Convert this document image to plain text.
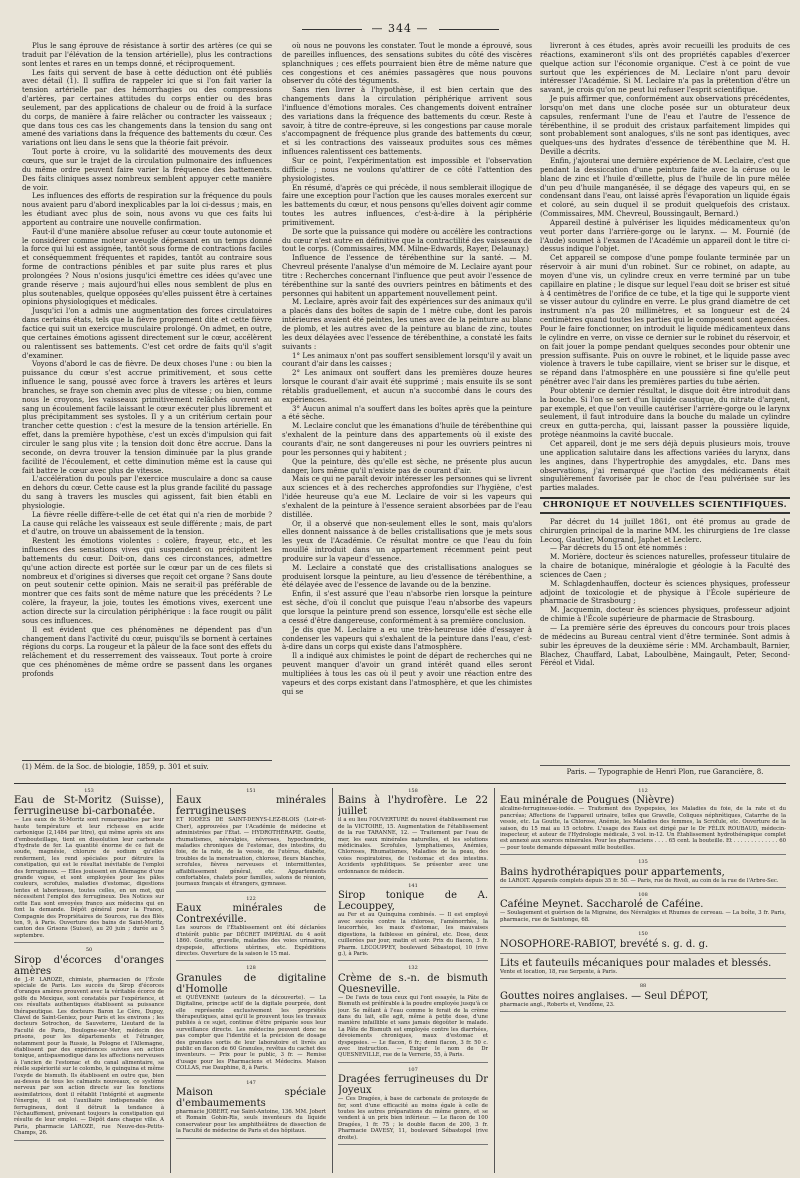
— 344 —

Plus le sang éprouve de résistance à sortir des artères (ce qui se traduit par l'élévation de la tension artérielle), plus les contractions sont lentes et rares en un temps donné, et réciproquement.

Les faits qui servent de base à cette déduction ont été publiés avec détail (1). Il suffira de rappeler ici que si l'on fait varier la tension artérielle par des hémorrhagies ou des compressions d'artères, par certaines attitudes du corps entier ou des bras seulement, par des applications de chaleur ou de froid à la surface du corps, de manière à faire relâcher ou contracter les vaisseaux ; que dans tous ces cas les changements dans la tension du sang ont amené des variations dans la fréquence des battements du cœur. Ces variations ont lieu dans le sens que la théorie fait prévoir.

Tout porte à croire, vu la solidarité des mouvements des deux cœurs, que sur le trajet de la circulation pulmonaire des influences du même ordre peuvent faire varier la fréquence des battements. Des faits cliniques assez nombreux semblent appuyer cette manière de voir.

Les influences des efforts de respiration sur la fréquence du pouls nous avaient paru d'abord inexplicables par la loi ci-dessus ; mais, en les étudiant avec plus de soin, nous avons vu que ces faits lui apportent au contraire une nouvelle confirmation.

Faut-il d'une manière absolue refuser au cœur toute autonomie et le considérer comme moteur aveugle dépensant en un temps donné la force qui lui est assignée, tantôt sous forme de contractions faciles et conséquemment fréquentes et rapides, tantôt au contraire sous forme de contractions pénibles et par suite plus rares et plus prolongées ? Nous n'osions jusqu'ici émettre ces idées qu'avec une grande réserve ; mais aujourd'hui elles nous semblent de plus en plus soutenables, quelque opposées qu'elles puissent être à certaines opinions physiologiques et médicales.

Jusqu'ici l'on a admis une augmentation des forces circulatoires dans certains états, tels que la fièvre proprement dite et cette fièvre factice qui suit un exercice musculaire prolongé. On admet, en outre, que certaines émotions agissent directement sur le cœur, accélèrent ou ralentissent ses battements. C'est cet ordre de faits qu'il s'agit d'examiner.

Voyons d'abord le cas de fièvre. De deux choses l'une : ou bien la puissance du cœur s'est accrue primitivement, et sous cette influence le sang, poussé avec force à travers les artères et leurs branches, se fraye son chemin avec plus de vitesse ; ou bien, comme nous le croyons, les vaisseaux primitivement relâchés ouvrent au sang un écoulement facile laissant le cœur exécuter plus librement et plus précipitamment ses systoles. Il y a un critérium certain pour trancher cette question : c'est la mesure de la tension artérielle. En effet, dans la première hypothèse, c'est un excès d'impulsion qui fait circuler le sang plus vite ; la tension doit donc être accrue. Dans la seconde, on devra trouver la tension diminuée par la plus grande facilité de l'écoulement, et cette diminution même est la cause qui fait battre le cœur avec plus de vitesse.

L'accélération du pouls par l'exercice musculaire a donc sa cause en dehors du cœur. Cette cause est la plus grande facilité du passage du sang à travers les muscles qui agissent, fait bien établi en physiologie.

La fièvre réelle diffère-t-elle de cet état qui n'a rien de morbide ? La cause qui relâche les vaisseaux est seule différente ; mais, de part et d'autre, on trouve un abaissement de la tension.

Restent les émotions violentes : colère, frayeur, etc., et les influences des sensations vives qui suspendent ou précipitent les battements du cœur. Doit-on, dans ces circonstances, admettre qu'une action directe est portée sur le cœur par un de ces filets si nombreux et d'origines si diverses que reçoit cet organe ? Sans doute on peut soutenir cette opinion. Mais ne serait-il pas préférable de montrer que ces faits sont de même nature que les précédents ? Le colère, la frayeur, la joie, toutes les émotions vives, exercent une action directe sur la circulation périphérique : la face rougit ou pâlit sous ces influences.

Il est évident que ces phénomènes ne dépendent pas d'un changement dans l'activité du cœur, puisqu'ils se bornent à certaines régions du corps. La rougeur et la pâleur de la face sont des effets du relâchement et du resserrement des vaisseaux. Tout porte à croire que ces phénomènes de même ordre se passent dans les organes profonds

(1) Mém. de la Soc. de biologie, 1859, p. 301 et suiv.

où nous ne pouvons les constater. Tout le monde a éprouvé, sous de pareilles influences, des sensations subites du côté des viscères splanchniques ; ces effets pourraient bien être de même nature que ces congestions et ces anémies passagères que nous pouvons observer du côté des téguments.

Sans rien livrer à l'hypothèse, il est bien certain que des changements dans la circulation périphérique arrivent sous l'influence d'émotions morales. Ces changements doivent entraîner des variations dans la fréquence des battements du cœur. Reste à savoir, à titre de contre-épreuve, si les congestions par cause morale s'accompagnent de fréquence plus grande des battements du cœur, et si les contractions des vaisseaux produites sous ces mêmes influences ralentissent ces battements.

Sur ce point, l'expérimentation est impossible et l'observation difficile ; nous ne voulons qu'attirer de ce côté l'attention des physiologistes.

En résumé, d'après ce qui précède, il nous semblerait illogique de faire une exception pour l'action que les causes morales exercent sur les battements du cœur, et nous pensons qu'elles doivent agir comme toutes les autres influences, c'est-à-dire à la périphérie primitivement.

De sorte que la puissance qui modère ou accélère les contractions du cœur n'est autre en définitive que la contractilité des vaisseaux de tout le corps. (Commissaires, MM. Milne-Edwards, Rayer, Delaunay.)

Influence de l'essence de térébenthine sur la santé. — M. Chevreul présente l'analyse d'un mémoire de M. Leclaire ayant pour titre : Recherches concernant l'influence que peut avoir l'essence de térébenthine sur la santé des ouvriers peintres en bâtiments et des personnes qui habitent un appartement nouvellement peint.

M. Leclaire, après avoir fait des expériences sur des animaux qu'il a placés dans des boîtes de sapin de 1 mètre cube, dont les parois intérieures avaient été peintes, les unes avec de la peinture au blanc de plomb, et les autres avec de la peinture au blanc de zinc, toutes les deux délayées avec l'essence de térébenthine, a constaté les faits suivants :

1° Les animaux n'ont pas souffert sensiblement lorsqu'il y avait un courant d'air dans les caisses ;

2° Les animaux ont souffert dans les premières douze heures lorsque le courant d'air avait été supprimé ; mais ensuite ils se sont rétablis graduellement, et aucun n'a succombé dans le cours des expériences.

3° Aucun animal n'a souffert dans les boîtes après que la peinture a été sèche.

M. Leclaire conclut que les émanations d'huile de térébenthine qui s'exhalent de la peinture dans des appartements où il existe des courants d'air, ne sont dangereuses ni pour les ouvriers peintres ni pour les personnes qui y habitent ;

Que la peinture, dès qu'elle est sèche, ne présente plus aucun danger, lors même qu'il n'existe pas de courant d'air.

Mais ce qui ne paraît devoir intéresser les personnes qui se livrent aux sciences et à des recherches approfondies sur l'hygiène, c'est l'idée heureuse qu'a eue M. Leclaire de voir si les vapeurs qui s'exhalent de la peinture à l'essence seraient absorbées par de l'eau distillée.

Or, il a observé que non-seulement elles le sont, mais qu'alors elles donnent naissance à de belles cristallisations que je mets sous les yeux de l'Académie. Ce résultat montre ce que l'eau du foin mouillé introduit dans un appartement récemment peint peut produire sur la vapeur d'essence.

M. Leclaire a constaté que des cristallisations analogues se produisent lorsque la peinture, au lieu d'essence de térébenthine, a été délayée avec de l'essence de lavande ou de la benzine.

Enfin, il s'est assuré que l'eau n'absorbe rien lorsque la peinture est sèche, d'où il conclut que puisque l'eau n'absorbe des vapeurs que lorsque la peinture prend son essence, lorsqu'elle est sèche elle a cessé d'être dangereuse, conformément à sa première conclusion.

Je dis que M. Leclaire a eu une très-heureuse idée d'essayer à condenser les vapeurs qui s'exhalent de la peinture dans l'eau, c'est-à-dire dans un corps qui existe dans l'atmosphère.

Il a indiqué aux chimistes le point de départ de recherches qui ne peuvent manquer d'avoir un grand intérêt quand elles seront multipliées à tous les cas où il peut y avoir une réaction entre des vapeurs et des corps existant dans l'atmosphère, et que les chimistes qui se

livreront à ces études, après avoir recueilli les produits de ces réactions, examineront s'ils ont des propriétés capables d'exercer quelque action sur l'économie organique. C'est à ce point de vue surtout que les expériences de M. Leclaire n'ont paru devoir intéresser l'Académie. Si M. Leclaire n'a pas la prétention d'être un savant, je crois qu'on ne peut lui refuser l'esprit scientifique.

Je puis affirmer que, conformément aux observations précédentes, lorsqu'on met dans une cloche posée sur un obturateur deux capsules, renfermant l'une de l'eau et l'autre de l'essence de térébenthine, il se produit des cristaux parfaitement limpides qui sont probablement sont analogues, s'ils ne sont pas identiques, avec quelques-uns des hydrates d'essence de térébenthine que M. H. Deville a décrits.

Enfin, j'ajouterai une dernière expérience de M. Leclaire, c'est que pendant la dessiccation d'une peinture faite avec la céruse ou le blanc de zinc et l'huile d'œillette, plus de l'huile de lin pure mêlée d'un peu d'huile manganésée, il se dégage des vapeurs qui, en se condensant dans l'eau, ont laissé après l'évaporation un liquide égais et coloré, au sein duquel il se produit quelquefois des cristaux. (Commissaires, MM. Chevreul, Boussingault, Bernard.)

Appareil destiné à pulvériser les liquides médicamenteux qu'on veut porter dans l'arrière-gorge ou le larynx. — M. Fournié (de l'Aude) soumet à l'examen de l'Académie un appareil dont le titre ci-dessus indique l'objet.

Cet appareil se compose d'une pompe foulante terminée par un réservoir à air muni d'un robinet. Sur ce robinet, on adapte, au moyen d'une vis, un cylindre creux en verre terminé par un tube capillaire en platine ; le disque sur lequel l'eau doit se briser est situé à 4 centimètres de l'orifice de ce tube, et la tige qui le supporte vient se visser autour du cylindre en verre. Le plus grand diamètre de cet instrument n'a pas 20 millimètres, et sa longueur est de 24 centimètres quand toutes les parties qui le composent sont agencées. Pour le faire fonctionner, on introduit le liquide médicamenteux dans le cylindre en verre, on visse ce dernier sur le robinet du réservoir, et on fait jouer la pompe pendant quelques secondes pour obtenir une pression suffisante. Puis on ouvre le robinet, et le liquide passe avec violence à travers le tube capillaire, vient se briser sur le disque, et se répand dans l'atmosphère en une poussière si fine qu'elle peut pénétrer avec l'air dans les premières parties du tube aérien.

Pour obtenir ce dernier résultat, le disque doit être introduit dans la bouche. Si l'on se sert d'un liquide caustique, du nitrate d'argent, par exemple, et que l'on veuille cautériser l'arrière-gorge ou le larynx seulement, il faut introduire dans la bouche du malade un cylindre creux en gutta-percha, qui, laissant passer la poussière liquide, protège néanmoins la cavité buccale.

Cet appareil, dont je me sers déjà depuis plusieurs mois, trouve une application salutaire dans les affections variées du larynx, dans les angines, dans l'hypertrophie des amygdales, etc. Dans mes observations, j'ai remarqué que l'action des médicaments était singulièrement favorisée par le choc de l'eau pulvérisée sur les parties malades.

CHRONIQUE ET NOUVELLES SCIENTIFIQUES.

Par décret du 14 juillet 1861, ont été promus au grade de chirurgien principal de la marine MM. les chirurgiens de 1re classe Lecoq, Gautier, Mongrand, Japhet et Leclerc.

— Par décrets du 15 ont été nommés :

M. Morière, docteur ès sciences naturelles, professeur titulaire de la chaire de botanique, minéralogie et géologie à la Faculté des sciences de Caen ;

M. Schlagdenhauffen, docteur ès sciences physiques, professeur adjoint de toxicologie et de physique à l'École supérieure de pharmacie de Strasbourg ;

M. Jacquemin, docteur ès sciences physiques, professeur adjoint de chimie à l'École supérieure de pharmacie de Strasbourg.

— La première série des épreuves du concours pour trois places de médecins au Bureau central vient d'être terminée. Sont admis à subir les épreuves de la deuxième série : MM. Archambault, Barnier, Blachez, Chauffard, Labat, Laboulbène, Maingault, Peter, Second-Féréol et Vidal.

Paris. — Typographie de Henri Plon, rue Garancière, 8.
153
Eau de St-Moritz (Suisse), ferrugineuse bi-carbonatée.
— Les eaux de St-Moritz sont remarquables par leur haute température et leur richesse en acide carbonique (2,1484 par litre), qui même après six ans d'embouteillage, tient en dissolution leur carbonate d'hydrate de fer. La quantité énorme de ce fait de soude, magnésie, chlorure de sodium qu'elles renferment, les rend spéciales pour détruire la constipation, qui est le résultat inévitable de l'emploi des ferrugineux. — Elles jouissent en Allemagne d'une grande vogue, et sont employées pour les pâles couleurs, scrofules, maladies d'estomac, digestions lentes et laborieuses, toutes celles, en un mot, qui nécessitent l'emploi des ferrugineux. Des Notices sur cette Eau sont envoyées franco aux médecins qui en font la demande. Dépôt général pour la France, Compagnie des Propriétaires de Sources, rue des Blés ten, 9, à Paris. Ouverture des bains de Saint-Moritz, canton des Grisons (Suisse), au 20 juin ; durée au 5 septembre.
50
Sirop d'écorces d'oranges amères
de J.-P. LAROZE, chimiste, pharmacien de l'École spéciale de Paris. Les succès du Sirop d'écorces d'oranges amères prouvent avec la véritable écorce de golfe du Mexique, sont constatés par l'expérience, et ces résultats authentiques établissent sa puissance thérapeutique. Les docteurs Baron Le Cère, Dupuy, Clavel de Saint-Geniez, pour Paris et les environs ; les docteurs Sotrochon, de Sauveterre, Lieutard de la Faculté de Paris, Boulogne-sur-Mer, médecin des prisons, pour les départements et l'étranger, notamment pour la Russie, la Pologne et l'Allemagne, établissent par des expériences suivies son action tonique, antispasmodique dans les affections nerveuses à l'ancien de l'estomac et du canal alimentaire, sa réelle supériorité sur le colombo, le quinquina et même l'oxyde de bismuth. Ils établissent en outre que, bien au-dessus de tous les calmants nouveaux, ce système nerveux par son action directe sur les fonctions assimilatrices, dont il rétablit l'intégrité et augmente l'énergie, il est l'auxiliaire indispensable des ferrugineux, dont il détruit la tendance à l'échauffement, prévenant toujours la constipation qui résulte de leur emploi. — Dépôt dans chaque ville. A Paris, pharmacie LAROZE, rue Neuve-des-Petits-Champs, 26.
151
Eaux minérales ferrugineuses
ET IODÉES DE SAINT-DENYS-LEZ-BLOIS (Loir-et-Cher), approuvées par l'Académie de médecine et administrées par l'État. — HYDROTHÉRAPIE. Goutte, rhumatismes, névralgies, névroses, hypochondrie, maladies chroniques de l'estomac, des intestins, du foie, de la rate, de la vessie, de l'utérus, diabète, troubles de la menstruation, chlorose, fleurs blanches, scrofules, fièvres nerveuses et intermittentes, affaiblissement général, etc. Appartements confortables, chalets pour familles, salons de réunion, journaux français et étrangers, gymnase.
122
Eaux minérales de Contrexéville.
Les sources de l'Établissement ont été déclarées d'intérêt public par DÉCRET IMPÉRIAL du 4 août 1860. Goutte, gravelle, maladies des voies urinaires, dyspepsie, affections utérines, etc. Expéditions directes. Ouverture de la saison le 15 mai.
128
Granules de digitaline d'Homolle
et QUÉVENNE (auteurs de la découverte). — La Digitaline, principe actif de la digitale pourprée, dont elle représente exclusivement les propriétés thérapeutiques, ainsi qu'il le prouvent tous les travaux publiés à ce sujet, continue d'être préparée sous leur surveillance directe. Les médecins peuvent donc ne pas compter que l'identité et la précision de dosage des granules sortis de leur laboratoire et livrés au public en flacon de 60 Granules, revêtus du cachet des inventeurs. — Prix pour le public, 3 fr. — Remise d'usage pour les Pharmaciens et Médecins. Maison COLLAS, rue Dauphine, 8, à Paris.
147
Maison spéciale d'embaumements
pharmacie JOBERT, rue Saint-Antoine, 136. MM. Jobert et Romain Gohin-Ris, seuls inventeurs du liquide conservateur pour les amphithéâtres de dissection de la Faculté de médecine de Paris et des hôpitaux.
158
Bains à l'hydrofère. Le 22 juillet
il a eu lieu l'OUVERTURE du nouvel établissement rue de la VICTOIRE, 15. Augmentation de l'établissement de la rue TARANNE, 12. — Traitement par l'eau de mer, les eaux minérales naturelles, et les solutions médicinales. Scrofules, lymphatismes, Anémies, Chloroses, Rhumatismes, Maladies de la peau, des voies respiratoires, de l'estomac et des intestins. Accidents syphilitiques. Se présenter avec une ordonnance de médecin.
141
Sirop tonique de A. Lecouppey,
au Fer et au Quinquina combinés. — Il est employé avec succès contre la chlorose, l'aménorrhée, la leucorrhée, les maux d'estomac, les mauvaises digestions, la faiblesse en général, etc. Dose, deux cuillerées par jour, matin et soir. Prix du flacon, 3 fr. Pharm. LECOUPPEY, boulevard Sébastopol, 10 (rive g.), à Paris.
132
Crème de s.-n. de bismuth Quesneville.
— De l'avis de tous ceux qui l'ont essayée, la Pâte de Bismuth est préférable à la poudre employée jusqu'à ce jour. Se mêlant à l'eau comme le ferait de la crème dans du lait, elle agit, même à petite dose, d'une manière infaillible et sans jamais dégoûter le malade. La Pâte de Bismuth est employée contre les diarrhées, dévoiements chroniques, maux d'estomac et dyspepsies. — Le flacon, 6 fr.; demi flacon, 3 fr. 50 c. avec instruction. — Exiger le nom de Dr QUESNEVILLE, rue de la Verrerie, 55, à Paris.
107
Dragées ferrugineuses du Dr Joyeux
— Ces Dragées, à base de carbonate de protoxyde de fer, sont d'une efficacité au moins égale à celle de toutes les autres préparations du même genre, et se vendent à un prix bien inférieur. — Le flacon de 100 Dragées, 1 fr. 75 ; le double flacon de 200, 3 fr. Pharmacie DAVESY, 11, boulevard Sébastopol (rive droite).
112
Eau minérale de Pougues (Nièvre)
alcaline-ferrugineuse-iodée. — Traitement des Dyspepsies, les Maladies du foie, de la rate et du pancréas; Affections de l'appareil urinaire, telles que Gravelle, Coliques néphrétiques, Catarrhe de la vessie, etc. La Goutte, la Chlorose, Anémie, les Maladies des femmes, la Scrofule, etc. Ouverture de la saison, du 15 mai au 15 octobre. L'usage des Eaux est dirigé par le Dr FÉLIX ROUBAUD, médecin-inspecteur, et auteur de l'Hydrologie médicale, 3 vol. in-12. Un Établissement hydrothérapique complet est annexé aux sources minérales. Pour les pharmaciens . . . . 65 cent. la bouteille. Et . . . . . . . . . . . . . 60 — pour toute demande dépassant mille bouteilles.
135
Bains hydrothérapiques pour appartements,
de LAROIT. Appareils complets depuis 35 fr. 50. — Paris, rue de Rivoli, au coin de la rue de l'Arbre-Sec.
108
Caféine Meynet. Saccharolé de Caféine.
— Soulagement et guérison de la Migraine, des Névralgies et Rhumes de cerveau. — La boîte, 3 fr. Paris, pharmacie, rue de Saintonge, 68.
150
NOSOPHORE-RABIOT, brevété s. g. d. g.
Lits et fauteuils mécaniques pour malades et blessés.
Vente et location, 18, rue Serpente, à Paris.
88
Gouttes noires anglaises. — Seul DÉPOT,
pharmacie angl., Roberts et, Vendôme, 23.
